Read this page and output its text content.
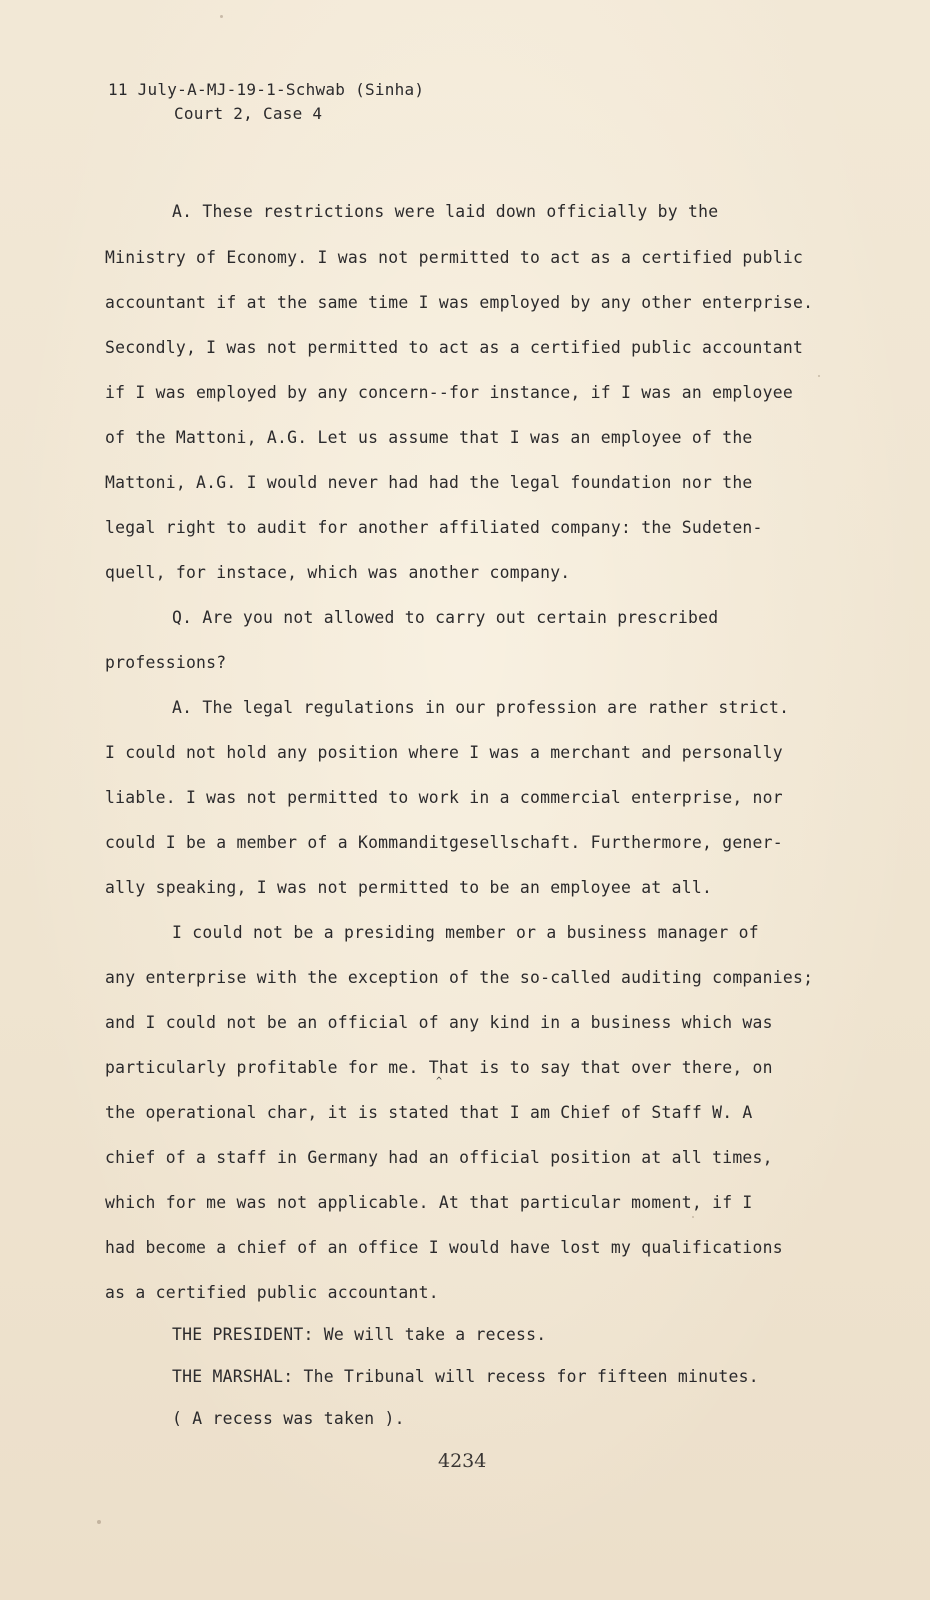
11 July-A-MJ-19-1-Schwab (Sinha)
Court 2, Case 4
A. These restrictions were laid down officially by the
Ministry of Economy. I was not permitted to act as a certified public
accountant if at the same time I was employed by any other enterprise.
Secondly, I was not permitted to act as a certified public accountant
if I was employed by any concern--for instance, if I was an employee
of the Mattoni, A.G. Let us assume that I was an employee of the
Mattoni, A.G. I would never had had the legal foundation nor the
legal right to audit for another affiliated company: the Sudeten-
quell, for instace, which was another company.
Q. Are you not allowed to carry out certain prescribed
professions?
A. The legal regulations in our profession are rather strict.
I could not hold any position where I was a merchant and personally
liable. I was not permitted to work in a commercial enterprise, nor
could I be a member of a Kommanditgesellschaft. Furthermore, gener-
ally speaking, I was not permitted to be an employee at all.
I could not be a presiding member or a business manager of
any enterprise with the exception of the so-called auditing companies;
and I could not be an official of any kind in a business which was
particularly profitable for me. That is to say that over there, on
the operational char, it is stated that I am Chief of Staff W. A
chief of a staff in Germany had an official position at all times,
which for me was not applicable. At that particular moment, if I
had become a chief of an office I would have lost my qualifications
as a certified public accountant.
THE PRESIDENT: We will take a recess.
THE MARSHAL: The Tribunal will recess for fifteen minutes.
( A recess was taken ).
4234
^
